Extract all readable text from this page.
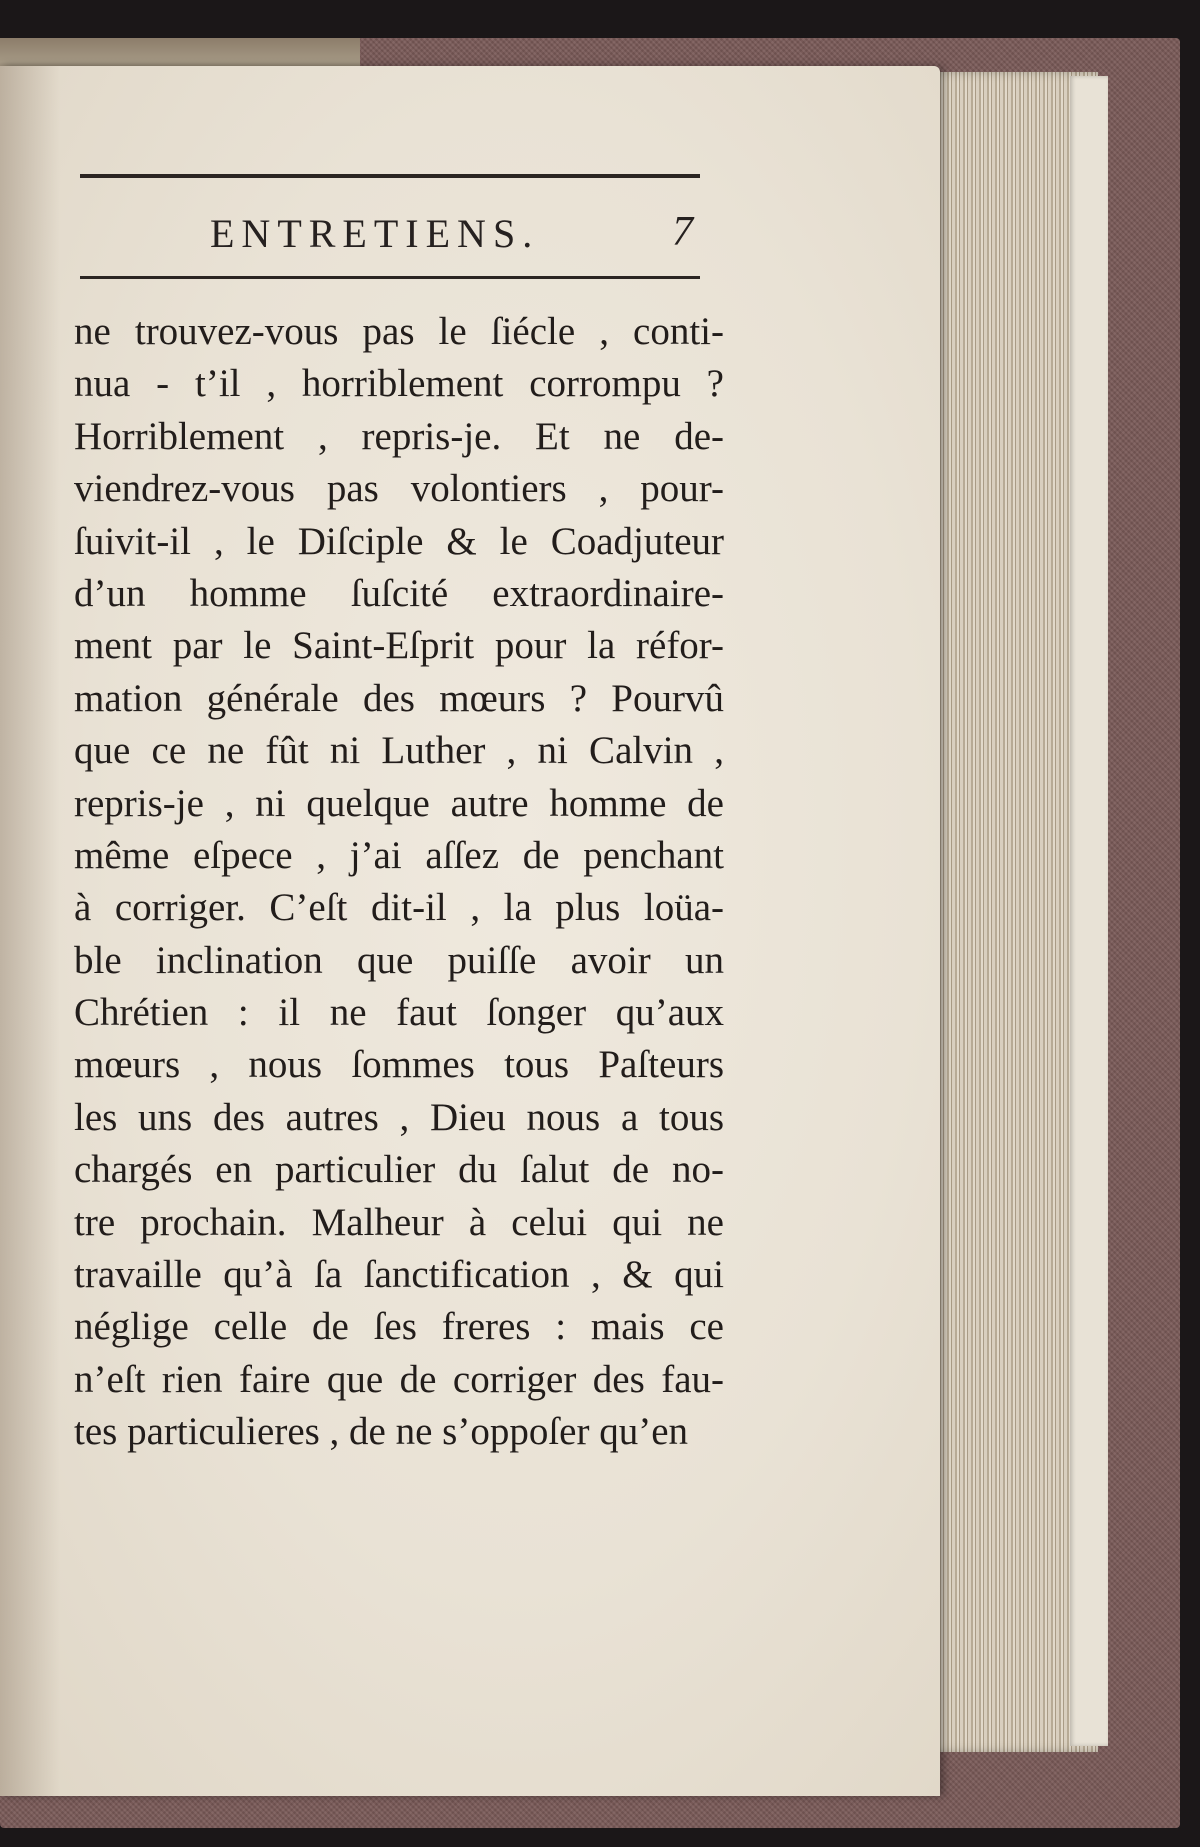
ENTRETIENS.	7
ne trouvez-vous pas le ſiécle , conti-
nua - t’il , horriblement corrompu ?
Horriblement , repris-je. Et ne de-
viendrez-vous pas volontiers , pour-
ſuivit-il , le Diſciple & le Coadjuteur
d’un homme ſuſcité extraordinaire-
ment par le Saint-Eſprit pour la réfor-
mation générale des mœurs ? Pourvû
que ce ne fût ni Luther , ni Calvin ,
repris-je , ni quelque autre homme de
même eſpece , j’ai aſſez de penchant
à corriger. C’eſt dit-il , la plus loüa-
ble inclination que puiſſe avoir un
Chrétien : il ne faut ſonger qu’aux
mœurs , nous ſommes tous Paſteurs
les uns des autres , Dieu nous a tous
chargés en particulier du ſalut de no-
tre prochain. Malheur à celui qui ne
travaille qu’à ſa ſanctification , & qui
néglige celle de ſes freres : mais ce
n’eſt rien faire que de corriger des fau-
tes particulieres , de ne s’oppoſer qu’en
